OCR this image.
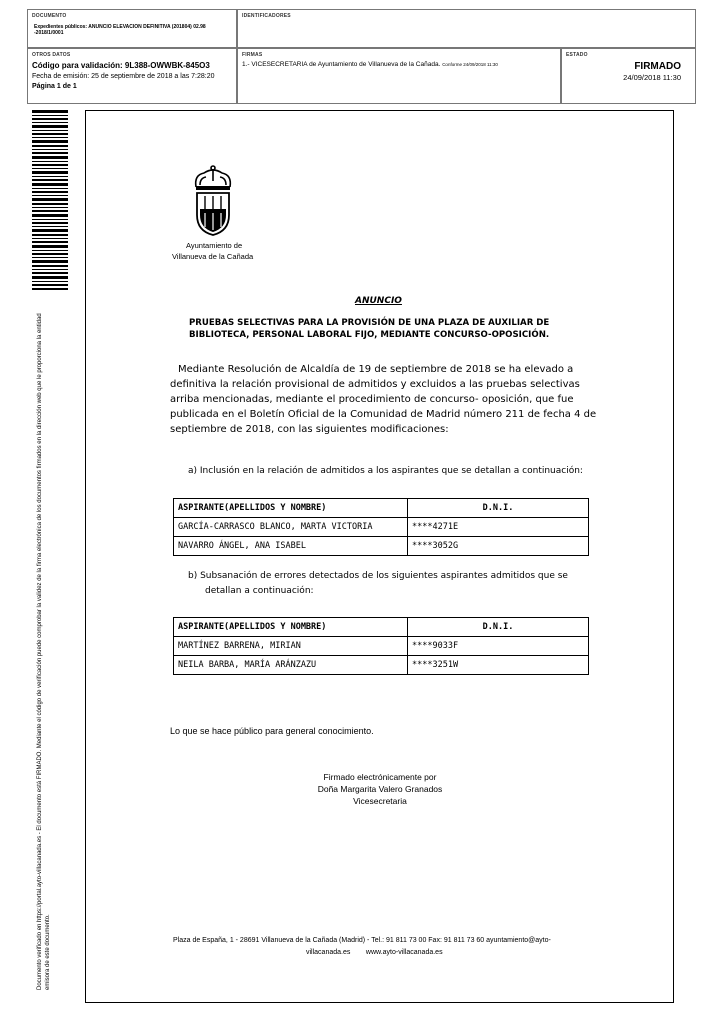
DOCUMENTO
Expedientes públicos: ANUNCIO ELEVACION DEFINITIVA (201804) 02.98 -2018/1/0001
IDENTIFICADORES
OTROS DATOS
Código para validación: 9L388-OWWBK-845O3
Fecha de emisión: 25 de septiembre de 2018 a las 7:28:20
Página 1 de 1
FIRMAS
1.- VICESECRETARIA de Ayuntamiento de Villanueva de la Cañada. Conforme 24/09/2018 11:30
ESTADO
FIRMADO
24/09/2018 11:30
Documento verificado en https://portal.ayto-villacanada.es - El documento está FIRMADO. Mediante el código de verificación puede comprobar la validez de la firma electrónica de los documentos firmados en la dirección web que le proporciona la entidad emisora de este documento.
Ayuntamiento de
Villanueva de la Cañada
ANUNCIO
PRUEBAS SELECTIVAS PARA LA PROVISIÓN DE UNA PLAZA DE AUXILIAR DE
BIBLIOTECA, PERSONAL LABORAL FIJO, MEDIANTE CONCURSO-OPOSICIÓN.
Mediante Resolución de Alcaldía de 19 de septiembre de 2018 se ha elevado a
definitiva la relación provisional de admitidos y excluidos a las pruebas selectivas
arriba mencionadas, mediante el procedimiento de concurso- oposición, que fue
publicada en el Boletín Oficial de la Comunidad de Madrid número 211 de fecha 4 de
septiembre de 2018, con las siguientes modificaciones:
a) Inclusión en la relación de admitidos a los aspirantes que se detallan a continuación:
ASPIRANTE(APELLIDOS Y NOMBRE)	D.N.I.
GARCÍA-CARRASCO BLANCO, MARTA VICTORIA	****4271E
NAVARRO ÁNGEL, ANA ISABEL	****3052G
b) Subsanación de errores detectados de los siguientes aspirantes admitidos que se
detallan a continuación:
ASPIRANTE(APELLIDOS Y NOMBRE)	D.N.I.
MARTÍNEZ BARRENA, MIRIAN	****9033F
NEILA BARBA, MARÍA ARÁNZAZU	****3251W
Lo que se hace público para general conocimiento.
Firmado electrónicamente por
Doña Margarita Valero Granados
Vicesecretaria
Plaza de España, 1 - 28691 Villanueva de la Cañada (Madrid) - Tel.: 91 811 73 00 Fax: 91 811 73 60 ayuntamiento@ayto-
villacanada.es        www.ayto-villacanada.es
